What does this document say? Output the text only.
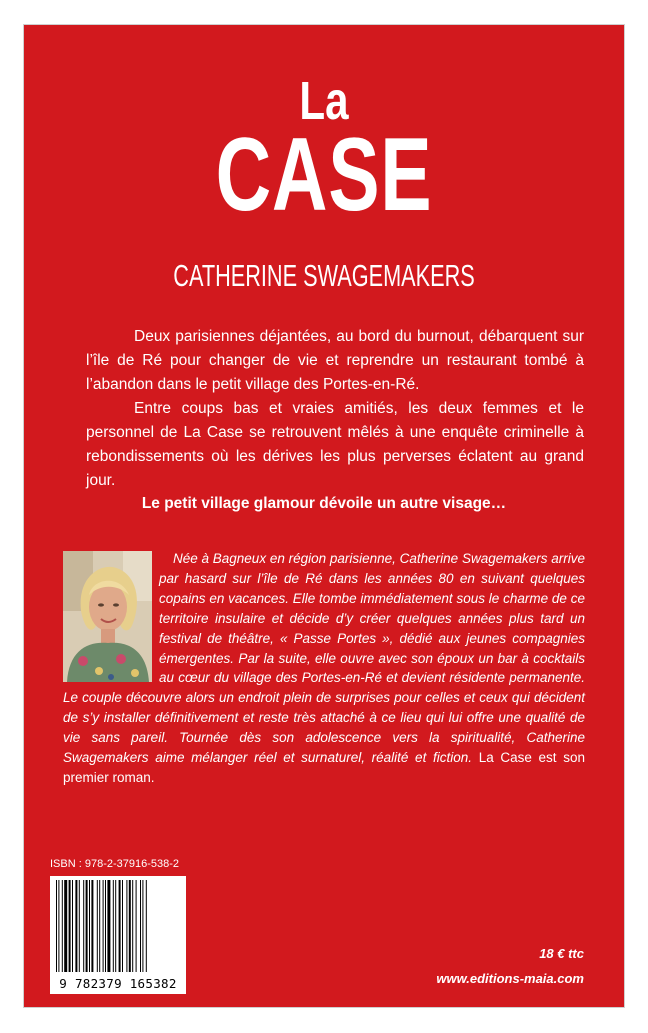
La
CASE
CATHERINE SWAGEMAKERS

Deux parisiennes déjantées, au bord du burnout, débarquent sur l’île de Ré pour changer de vie et reprendre un restaurant tombé à l’abandon dans le petit village des Portes-en-Ré.

Entre coups bas et vraies amitiés, les deux femmes et le personnel de La Case se retrouvent mêlés à une enquête criminelle à rebondissements où les dérives les plus perverses éclatent au grand jour.

Le petit village glamour dévoile un autre visage…
Née à Bagneux en région parisienne, Catherine Swagemakers arrive par hasard sur l’île de Ré dans les années 80 en suivant quelques copains en vacances. Elle tombe immédiatement sous le charme de ce territoire insulaire et décide d’y créer quelques années plus tard un festival de théâtre, « Passe Portes », dédié aux jeunes compagnies émergentes. Par la suite, elle ouvre avec son époux un bar à cocktails au cœur du village des Portes-en-Ré et devient résidente permanente. Le couple découvre alors un endroit plein de surprises pour celles et ceux qui décident de s’y installer définitivement et reste très attaché à ce lieu qui lui offre une qualité de vie sans pareil. Tournée dès son adolescence vers la spiritualité, Catherine Swagemakers aime mélanger réel et surnaturel, réalité et fiction. La Case est son premier roman.
ISBN : 978-2-37916-538-2
9 782379 165382
18 € ttc
www.editions-maia.com
